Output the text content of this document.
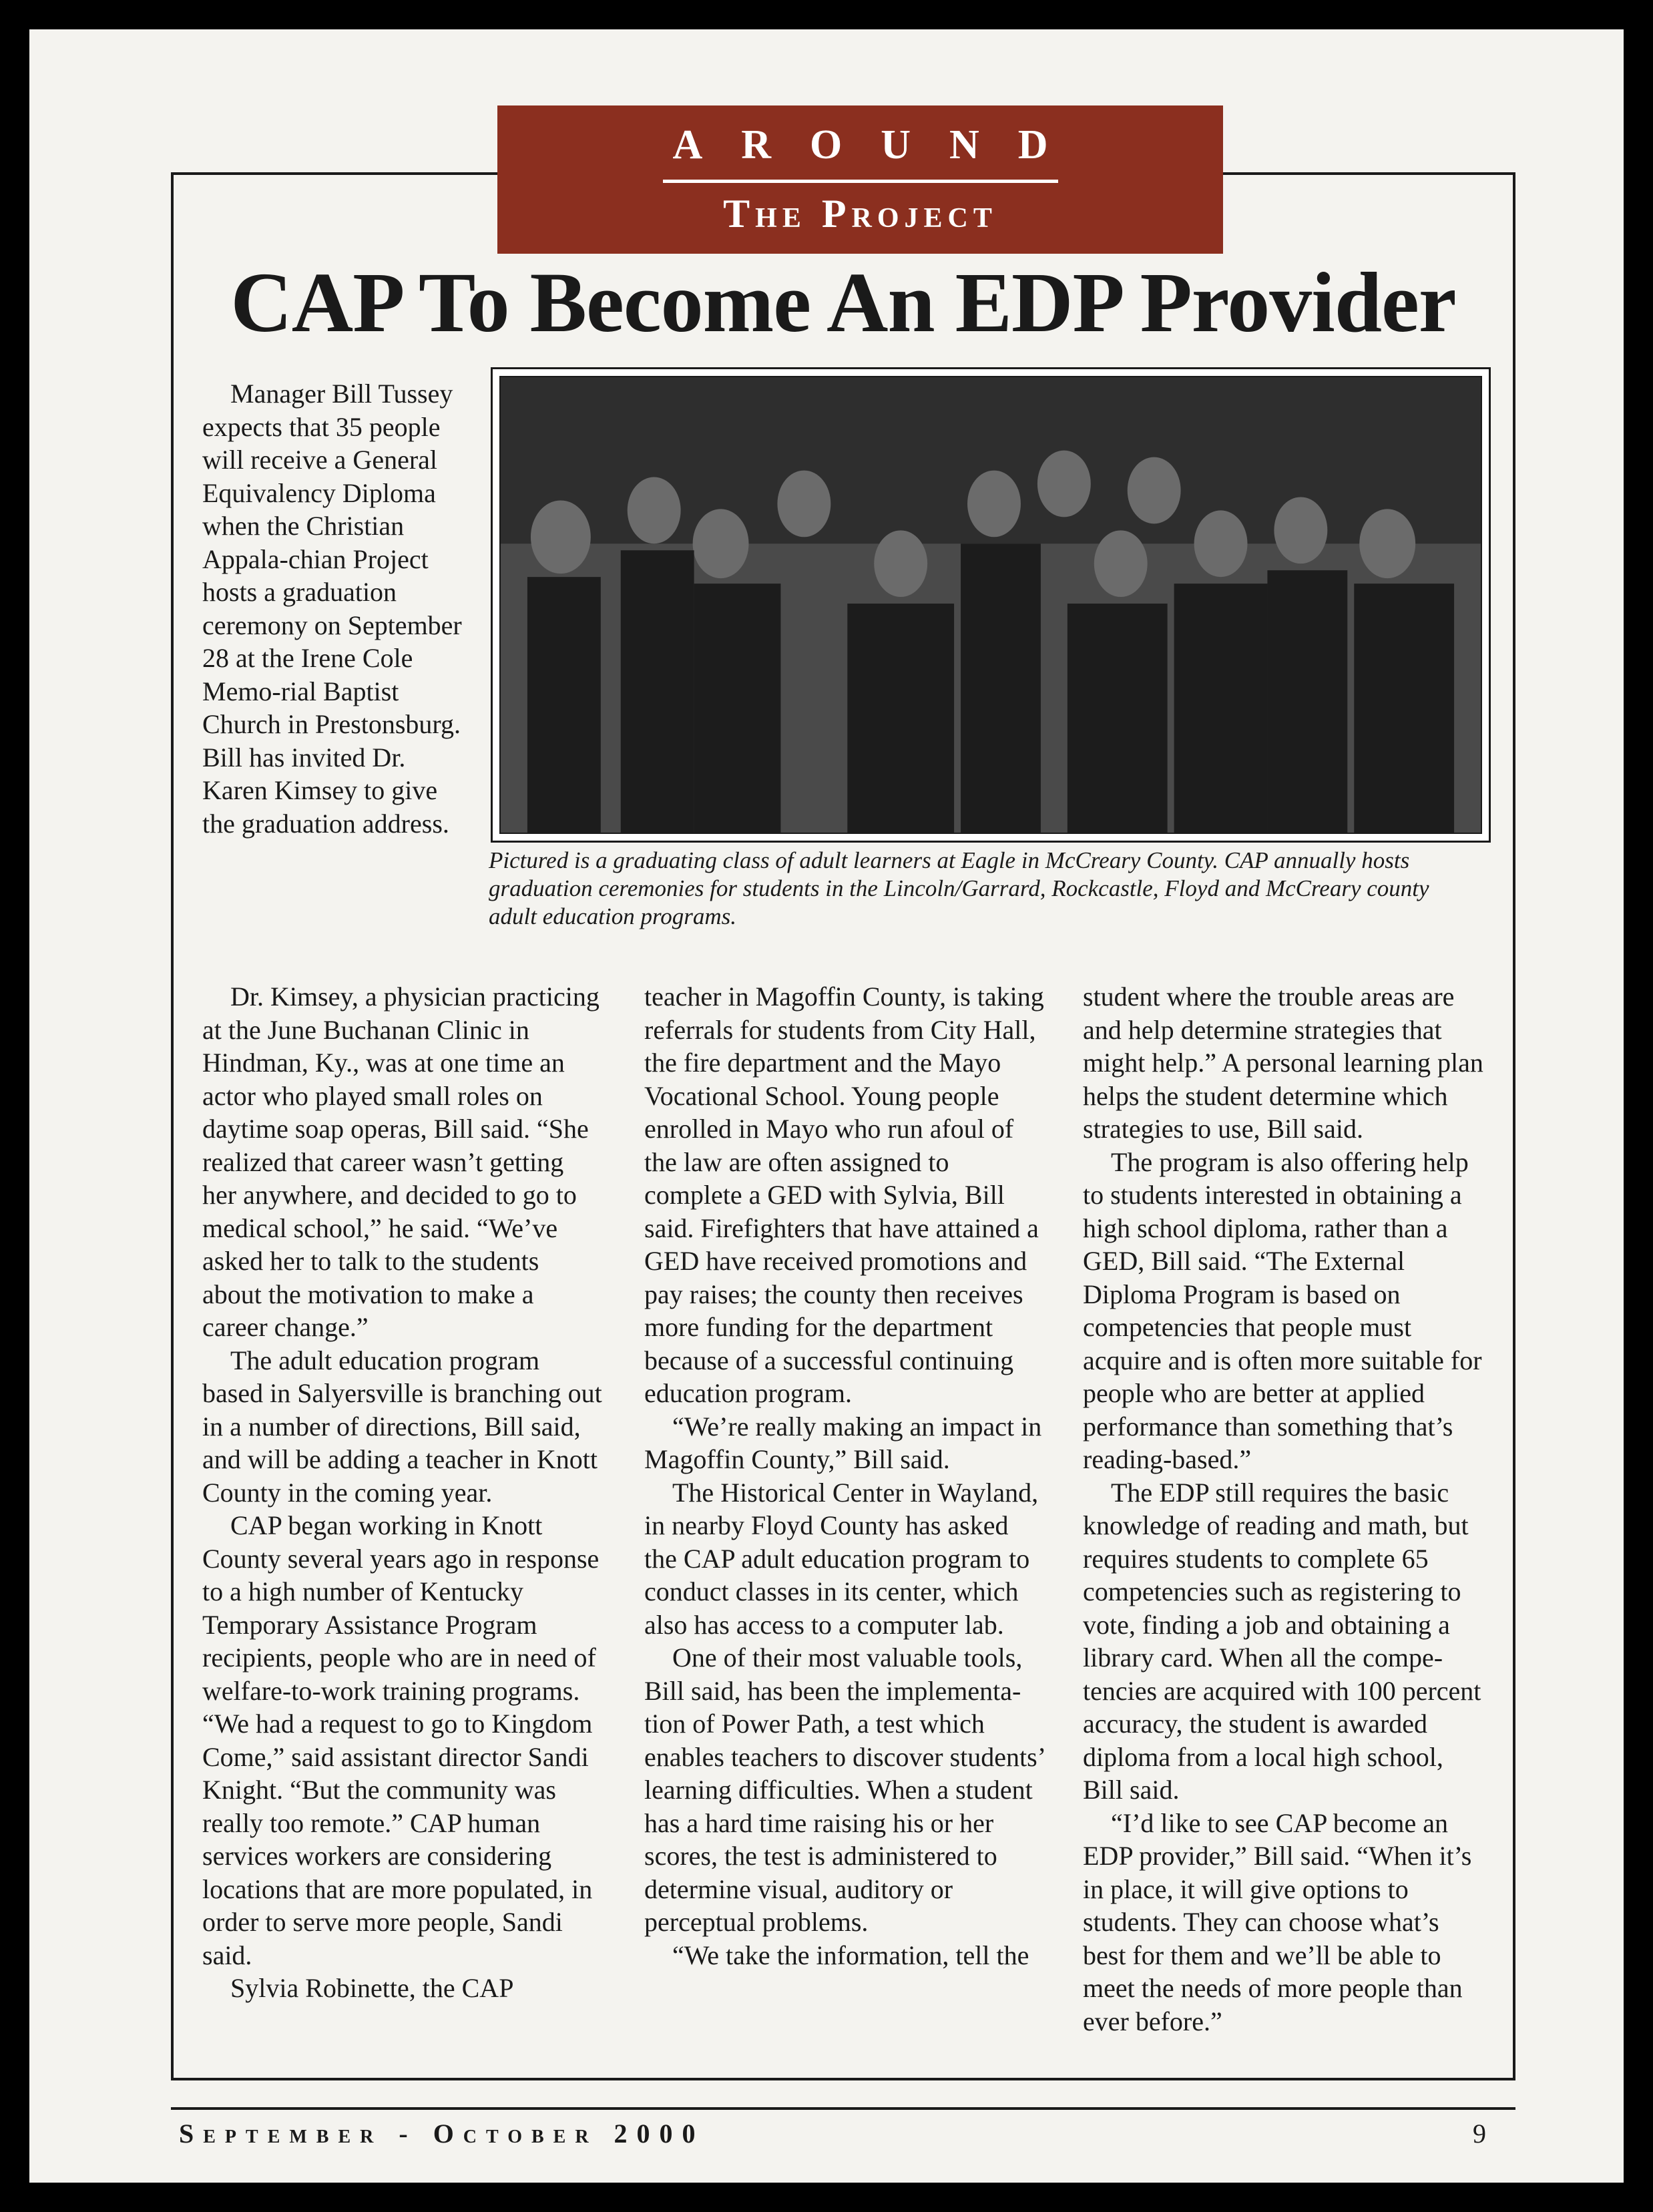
AROUND
The Project
CAP To Become An EDP Provider
Pictured is a graduating class of adult learners at Eagle in McCreary County. CAP annually hosts graduation ceremonies for students in the Lincoln/Garrard, Rockcastle, Floyd and McCreary county adult education programs.

Manager Bill Tussey expects that 35 people will receive a General Equivalency Diploma when the Christian Appala-chian Project hosts a graduation ceremony on September 28 at the Irene Cole Memo-rial Baptist Church in Prestonsburg. Bill has invited Dr. Karen Kimsey to give the graduation address.

Dr. Kimsey, a physician practicing at the June Buchanan Clinic in Hindman, Ky., was at one time an actor who played small roles on daytime soap operas, Bill said. “She realized that career wasn’t getting her anywhere, and decided to go to medical school,” he said. “We’ve asked her to talk to the students about the motivation to make a career change.”

The adult education program based in Salyersville is branching out in a number of directions, Bill said, and will be adding a teacher in Knott County in the coming year.

CAP began working in Knott County several years ago in response to a high number of Kentucky Temporary Assistance Program recipients, people who are in need of welfare-to-work training programs. “We had a request to go to Kingdom Come,” said assistant director Sandi Knight. “But the community was really too remote.” CAP human services workers are considering locations that are more populated, in order to serve more people, Sandi said.

Sylvia Robinette, the CAP

teacher in Magoffin County, is taking referrals for students from City Hall, the fire department and the Mayo Vocational School. Young people enrolled in Mayo who run afoul of the law are often assigned to complete a GED with Sylvia, Bill said. Firefighters that have attained a GED have received promotions and pay raises; the county then receives more funding for the department because of a successful continuing education program.

“We’re really making an impact in Magoffin County,” Bill said.

The Historical Center in Wayland, in nearby Floyd County has asked the CAP adult education program to conduct classes in its center, which also has access to a computer lab.

One of their most valuable tools, Bill said, has been the implementa-tion of Power Path, a test which enables teachers to discover students’ learning difficulties. When a student has a hard time raising his or her scores, the test is administered to determine visual, auditory or perceptual problems.

“We take the information, tell the

student where the trouble areas are and help determine strategies that might help.” A personal learning plan helps the student determine which strategies to use, Bill said.

The program is also offering help to students interested in obtaining a high school diploma, rather than a GED, Bill said. “The External Diploma Program is based on competencies that people must acquire and is often more suitable for people who are better at applied performance than something that’s reading-based.”

The EDP still requires the basic knowledge of reading and math, but requires students to complete 65 competencies such as registering to vote, finding a job and obtaining a library card. When all the compe-tencies are acquired with 100 percent accuracy, the student is awarded diploma from a local high school, Bill said.

“I’d like to see CAP become an EDP provider,” Bill said. “When it’s in place, it will give options to students. They can choose what’s best for them and we’ll be able to meet the needs of more people than ever before.”

September - October 2000	9
